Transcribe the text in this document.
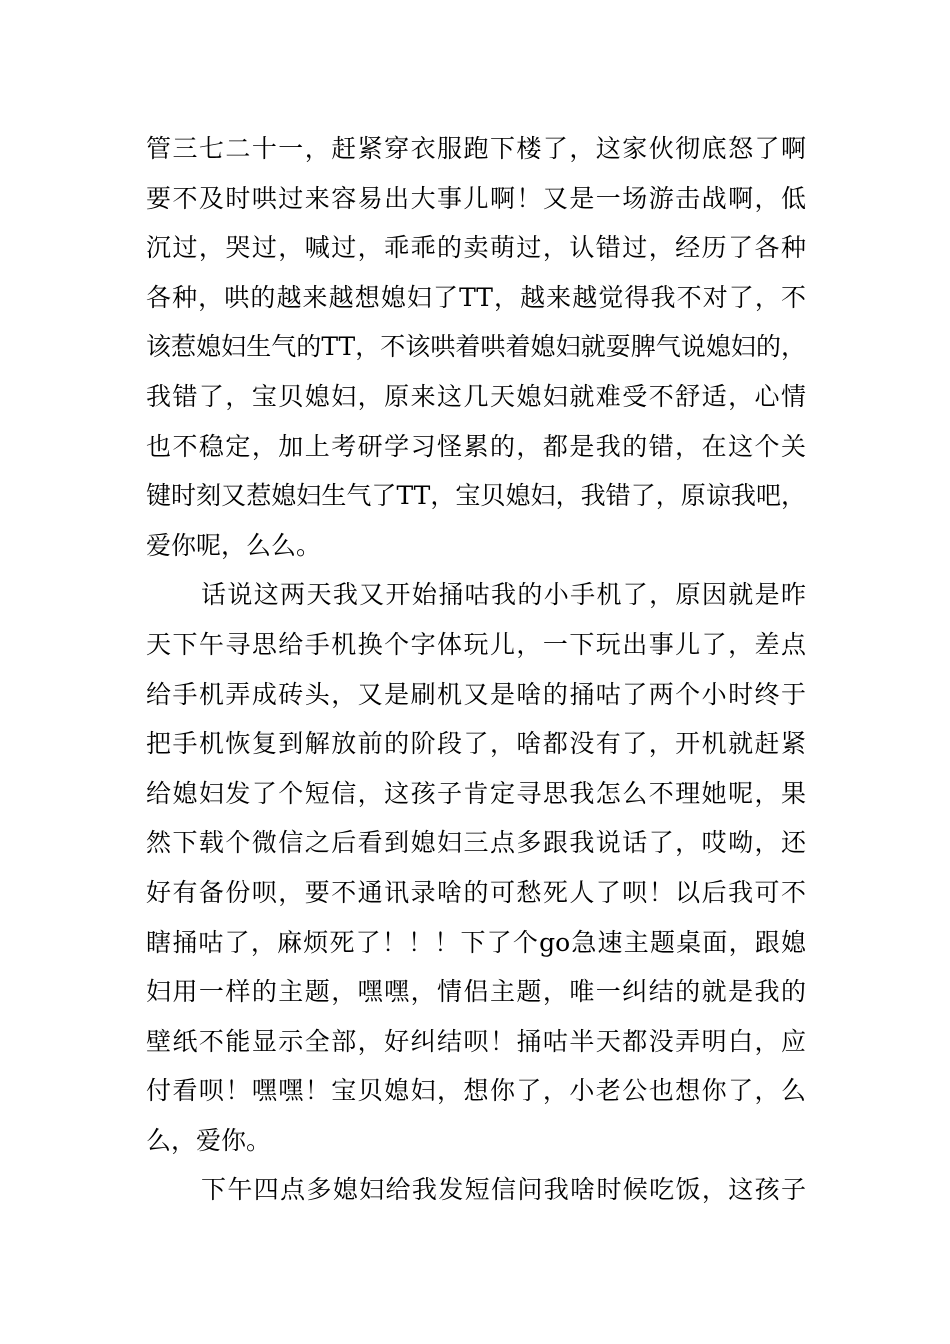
管三七二十一，赶紧穿衣服跑下楼了，这家伙彻底怒了啊
要不及时哄过来容易出大事儿啊！又是一场游击战啊，低
沉过，哭过，喊过，乖乖的卖萌过，认错过，经历了各种
各种，哄的越来越想媳妇了TT，越来越觉得我不对了，不
该惹媳妇生气的TT，不该哄着哄着媳妇就耍脾气说媳妇的，
我错了，宝贝媳妇，原来这几天媳妇就难受不舒适，心情
也不稳定，加上考研学习怪累的，都是我的错，在这个关
键时刻又惹媳妇生气了TT，宝贝媳妇，我错了，原谅我吧，
爱你呢，么么。
话说这两天我又开始捅咕我的小手机了，原因就是昨
天下午寻思给手机换个字体玩儿，一下玩出事儿了，差点
给手机弄成砖头，又是刷机又是啥的捅咕了两个小时终于
把手机恢复到解放前的阶段了，啥都没有了，开机就赶紧
给媳妇发了个短信，这孩子肯定寻思我怎么不理她呢，果
然下载个微信之后看到媳妇三点多跟我说话了，哎呦，还
好有备份呗，要不通讯录啥的可愁死人了呗！以后我可不
瞎捅咕了，麻烦死了！！！下了个go急速主题桌面，跟媳
妇用一样的主题，嘿嘿，情侣主题，唯一纠结的就是我的
壁纸不能显示全部，好纠结呗！捅咕半天都没弄明白，应
付看呗！嘿嘿！宝贝媳妇，想你了，小老公也想你了，么
么，爱你。
下午四点多媳妇给我发短信问我啥时候吃饭，这孩子
